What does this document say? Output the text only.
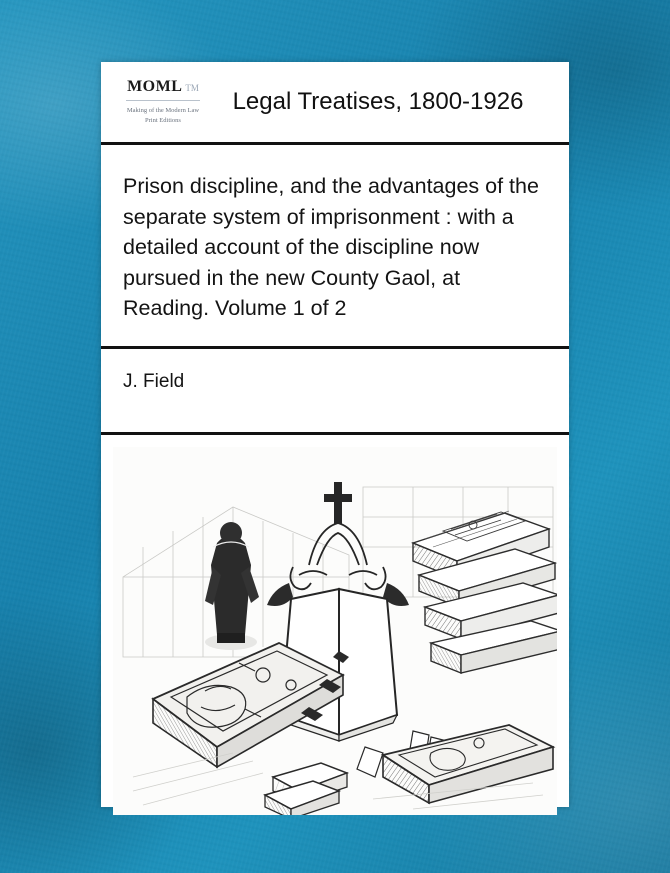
MOML TM
Making of the Modern Law
Print Editions
Legal Treatises, 1800-1926
Prison discipline, and the advantages of the separate system of imprisonment : with a detailed account of the discipline now pursued in the new County Gaol, at Reading. Volume 1 of 2
J. Field
